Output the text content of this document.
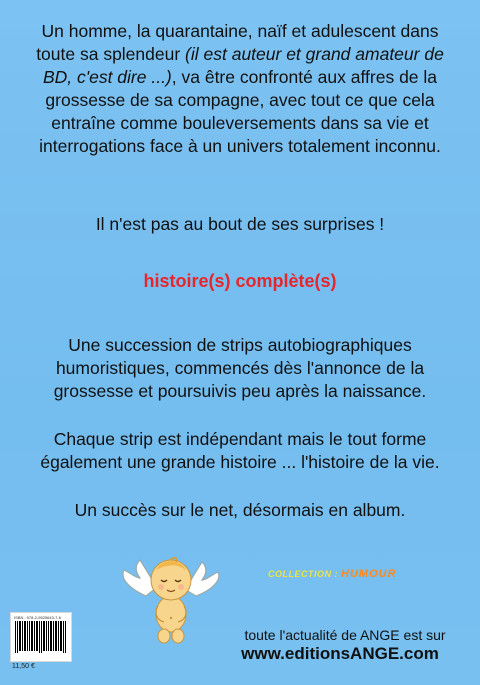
Un homme, la quarantaine, naïf et adulescent dans toute sa splendeur (il est auteur et grand amateur de BD, c'est dire ...), va être confronté aux affres de la grossesse de sa compagne, avec tout ce que cela entraîne comme bouleversements dans sa vie et interrogations face à un univers totalement inconnu.

Il n'est pas au bout de ses surprises !

histoire(s) complète(s)

Une succession de strips autobiographiques humoristiques, commencés dès l'annonce de la grossesse et poursuivis peu après la naissance.

Chaque strip est indépendant mais le tout forme également une grande histoire ... l'histoire de la vie.

Un succès sur le net, désormais en album.

COLLECTION : HUMOUR
ISBN : 978-2-9525643-7-6
11,50 €
toute l'actualité de ANGE est sur
www.editionsANGE.com
